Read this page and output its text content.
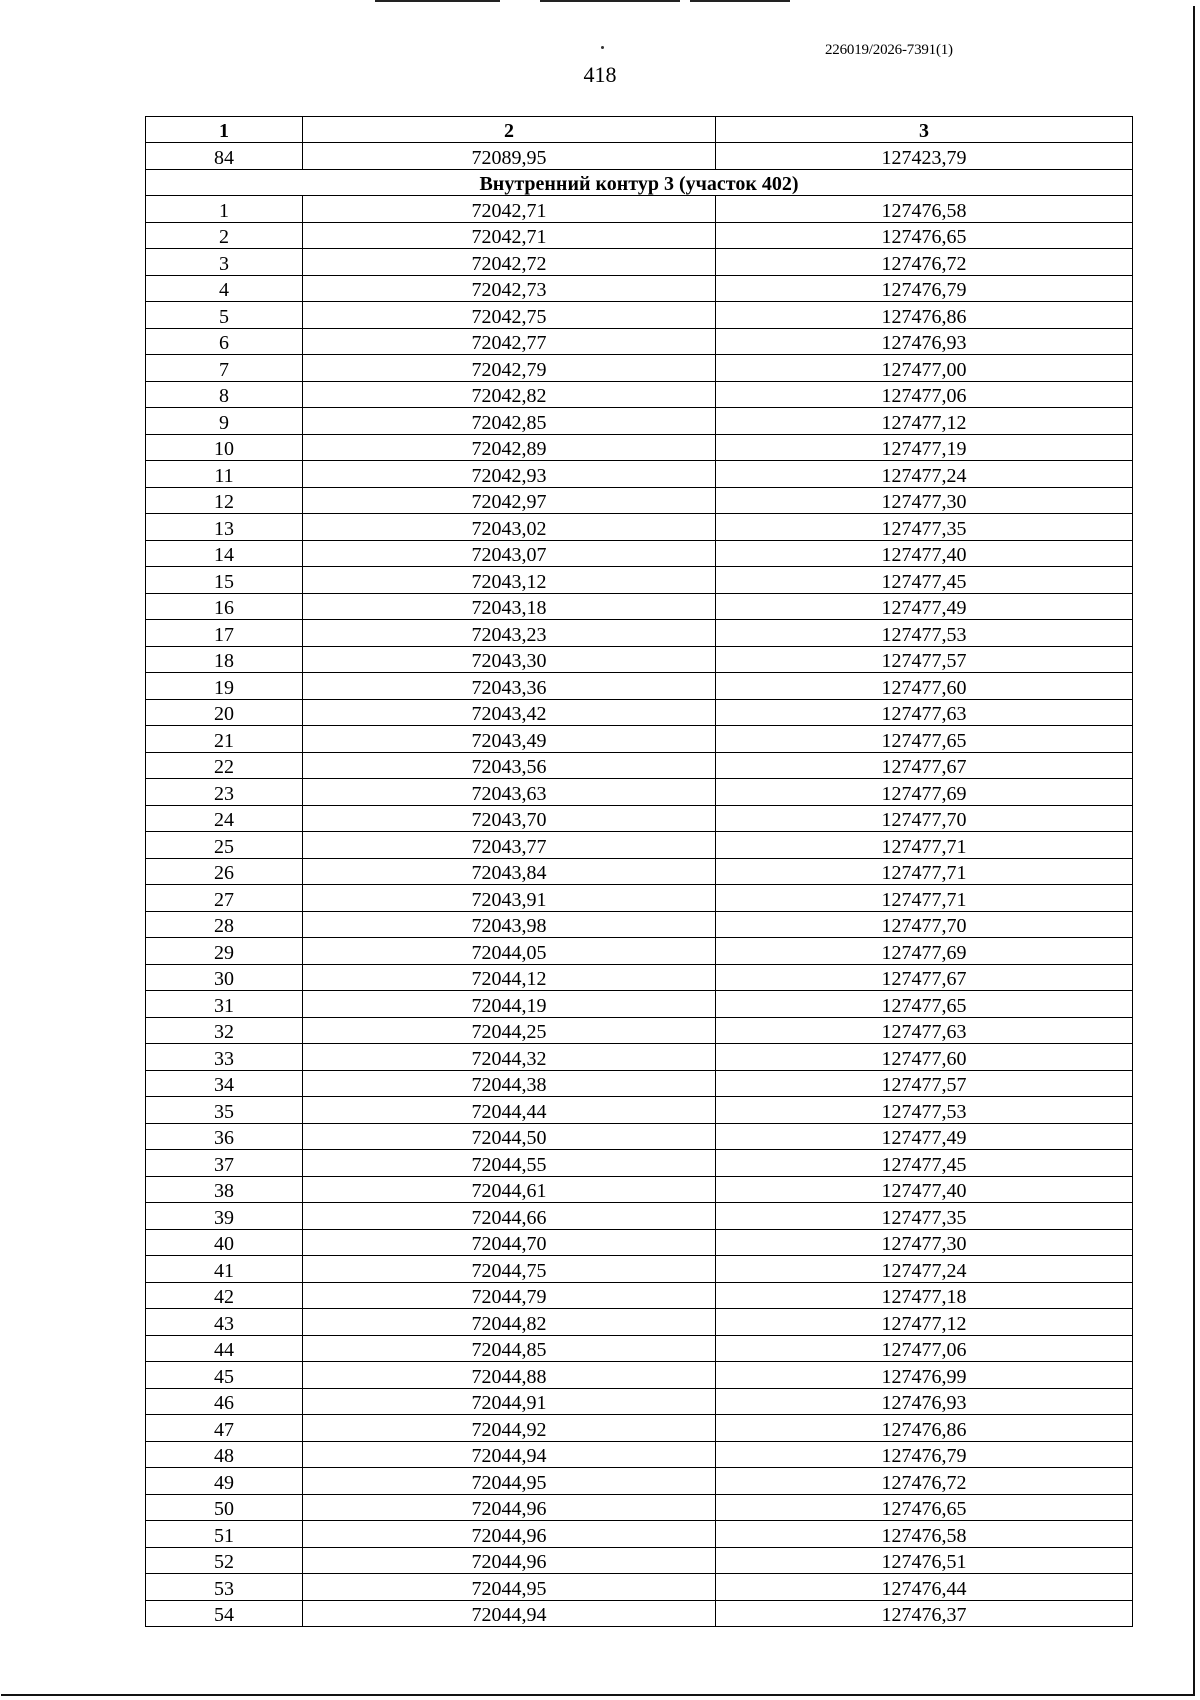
226019/2026-7391(1)
418
1	2	3
84	72089,95	127423,79
Внутренний контур 3 (участок 402)		
1	72042,71	127476,58
2	72042,71	127476,65
3	72042,72	127476,72
4	72042,73	127476,79
5	72042,75	127476,86
6	72042,77	127476,93
7	72042,79	127477,00
8	72042,82	127477,06
9	72042,85	127477,12
10	72042,89	127477,19
11	72042,93	127477,24
12	72042,97	127477,30
13	72043,02	127477,35
14	72043,07	127477,40
15	72043,12	127477,45
16	72043,18	127477,49
17	72043,23	127477,53
18	72043,30	127477,57
19	72043,36	127477,60
20	72043,42	127477,63
21	72043,49	127477,65
22	72043,56	127477,67
23	72043,63	127477,69
24	72043,70	127477,70
25	72043,77	127477,71
26	72043,84	127477,71
27	72043,91	127477,71
28	72043,98	127477,70
29	72044,05	127477,69
30	72044,12	127477,67
31	72044,19	127477,65
32	72044,25	127477,63
33	72044,32	127477,60
34	72044,38	127477,57
35	72044,44	127477,53
36	72044,50	127477,49
37	72044,55	127477,45
38	72044,61	127477,40
39	72044,66	127477,35
40	72044,70	127477,30
41	72044,75	127477,24
42	72044,79	127477,18
43	72044,82	127477,12
44	72044,85	127477,06
45	72044,88	127476,99
46	72044,91	127476,93
47	72044,92	127476,86
48	72044,94	127476,79
49	72044,95	127476,72
50	72044,96	127476,65
51	72044,96	127476,58
52	72044,96	127476,51
53	72044,95	127476,44
54	72044,94	127476,37
